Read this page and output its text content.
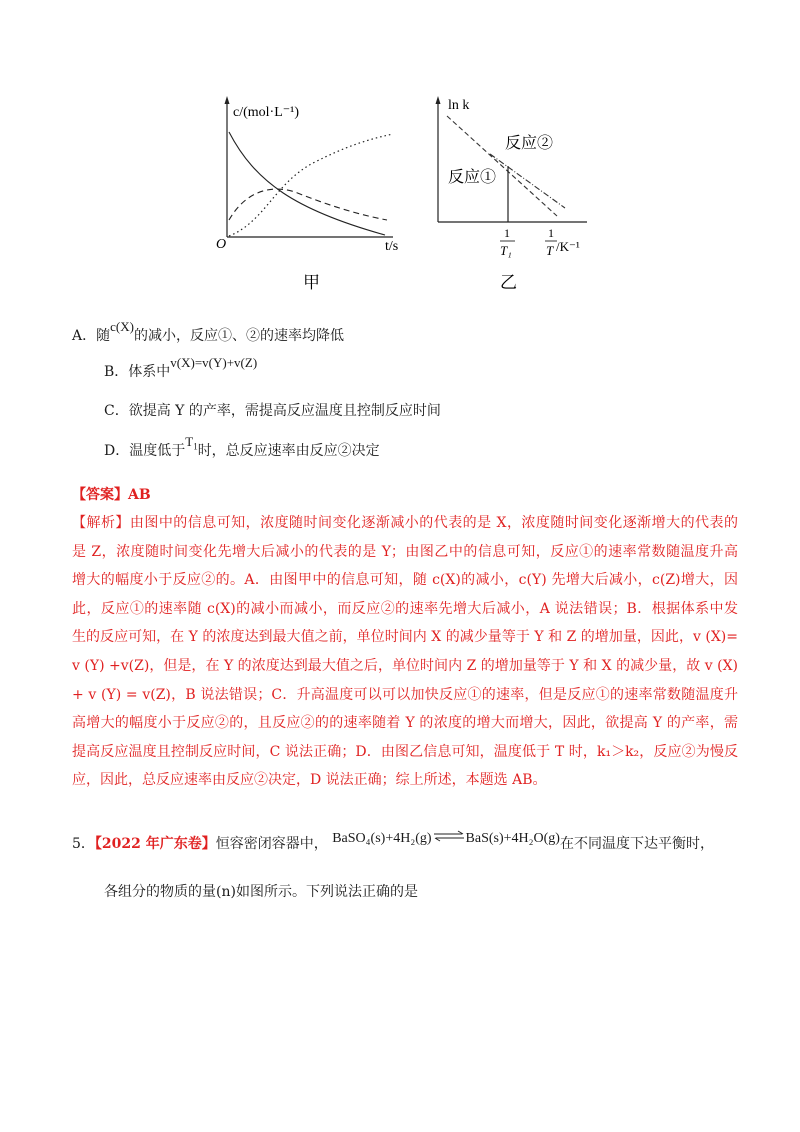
c/(mol·L⁻¹)
O	t/s
甲
ln k
反应②
反应①
1
T₁
1
T /K⁻¹
乙
A．随c(X)的减小，反应①、②的速率均降低
B．体系中v(X)=v(Y)+v(Z)
C．欲提高 Y 的产率，需提高反应温度且控制反应时间
D．温度低于$T_1$时，总反应速率由反应②决定
【答案】AB
【解析】由图中的信息可知，浓度随时间变化逐渐减小的代表的是 X，浓度随时间变化逐渐增大的代表的
是 Z，浓度随时间变化先增大后减小的代表的是 Y；由图乙中的信息可知，反应①的速率常数随温度升高
增大的幅度小于反应②的。A．由图甲中的信息可知，随 c(X)的减小，c(Y) 先增大后减小，c(Z)增大，因
此，反应①的速率随 c(X)的减小而减小，而反应②的速率先增大后减小，A 说法错误；B．根据体系中发
生的反应可知，在 Y 的浓度达到最大值之前，单位时间内 X 的减少量等于 Y 和 Z 的增加量，因此，v (X)=
v (Y) +v(Z)，但是，在 Y 的浓度达到最大值之后，单位时间内 Z 的增加量等于 Y 和 X 的减少量，故 v (X)
+ v (Y) = v(Z)，B 说法错误；C．升高温度可以可以加快反应①的速率，但是反应①的速率常数随温度升
高增大的幅度小于反应②的，且反应②的的速率随着 Y 的浓度的增大而增大，因此，欲提高 Y 的产率，需
提高反应温度且控制反应时间，C 说法正确；D．由图乙信息可知，温度低于 T 时，k₁＞k₂，反应②为慢反
应，因此，总反应速率由反应②决定，D 说法正确；综上所述，本题选 AB。
5．【2022 年广东卷】恒容密闭容器中， BaSO₄(s)+4H₂(g)⇌BaS(s)+4H₂O(g)在不同温度下达平衡时，
各组分的物质的量(n)如图所示。下列说法正确的是
